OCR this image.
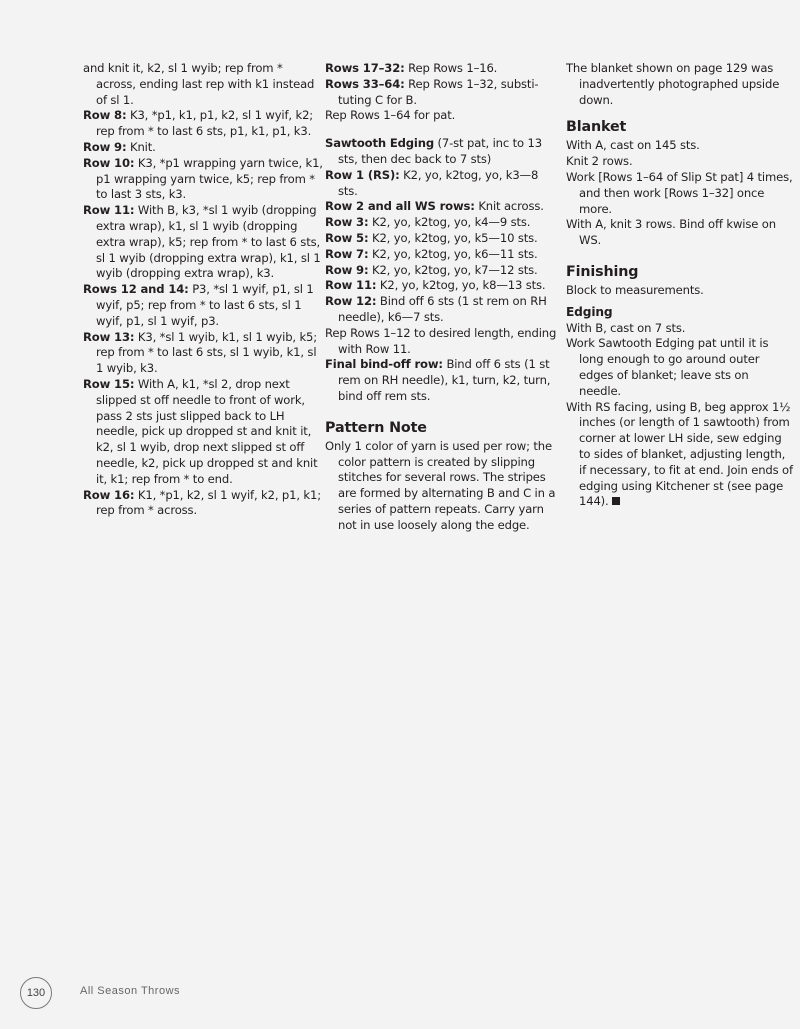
and knit it, k2, sl 1 wyib; rep from * across, ending last rep with k1 instead of sl 1.

Row 8: K3, *p1, k1, p1, k2, sl 1 wyif, k2; rep from * to last 6 sts, p1, k1, p1, k3.

Row 9: Knit.

Row 10: K3, *p1 wrapping yarn twice, k1, p1 wrapping yarn twice, k5; rep from * to last 3 sts, k3.

Row 11: With B, k3, *sl 1 wyib (dropping extra wrap), k1, sl 1 wyib (dropping extra wrap), k5; rep from * to last 6 sts, sl 1 wyib (dropping extra wrap), k1, sl 1 wyib (dropping extra wrap), k3.

Rows 12 and 14: P3, *sl 1 wyif, p1, sl 1 wyif, p5; rep from * to last 6 sts, sl 1 wyif, p1, sl 1 wyif, p3.

Row 13: K3, *sl 1 wyib, k1, sl 1 wyib, k5; rep from * to last 6 sts, sl 1 wyib, k1, sl 1 wyib, k3.

Row 15: With A, k1, *sl 2, drop next slipped st off needle to front of work, pass 2 sts just slipped back to LH needle, pick up dropped st and knit it, k2, sl 1 wyib, drop next slipped st off needle, k2, pick up dropped st and knit it, k1; rep from * to end.

Row 16: K1, *p1, k2, sl 1 wyif, k2, p1, k1; rep from * across.

Rows 17–32: Rep Rows 1–16.

Rows 33–64: Rep Rows 1–32, substituting C for B.

Rep Rows 1–64 for pat.

Sawtooth Edging (7-st pat, inc to 13 sts, then dec back to 7 sts)

Row 1 (RS): K2, yo, k2tog, yo, k3—8 sts.

Row 2 and all WS rows: Knit across.

Row 3: K2, yo, k2tog, yo, k4—9 sts.

Row 5: K2, yo, k2tog, yo, k5—10 sts.

Row 7: K2, yo, k2tog, yo, k6—11 sts.

Row 9: K2, yo, k2tog, yo, k7—12 sts.

Row 11: K2, yo, k2tog, yo, k8—13 sts.

Row 12: Bind off 6 sts (1 st rem on RH needle), k6—7 sts.

Rep Rows 1–12 to desired length, ending with Row 11.

Final bind-off row: Bind off 6 sts (1 st rem on RH needle), k1, turn, k2, turn, bind off rem sts.

Pattern Note

Only 1 color of yarn is used per row; the color pattern is created by slipping stitches for several rows. The stripes are formed by alternating B and C in a series of pattern repeats. Carry yarn not in use loosely along the edge.

The blanket shown on page 129 was inadvertently photographed upside down.

Blanket

With A, cast on 145 sts.

Knit 2 rows.

Work [Rows 1–64 of Slip St pat] 4 times, and then work [Rows 1–32] once more.

With A, knit 3 rows. Bind off kwise on WS.

Finishing

Block to measurements.

Edging

With B, cast on 7 sts.

Work Sawtooth Edging pat until it is long enough to go around outer edges of blanket; leave sts on needle.

With RS facing, using B, beg approx 1½ inches (or length of 1 sawtooth) from corner at lower LH side, sew edging to sides of blanket, adjusting length, if necessary, to fit at end. Join ends of edging using Kitchener st (see page 144).

130	All Season Throws
